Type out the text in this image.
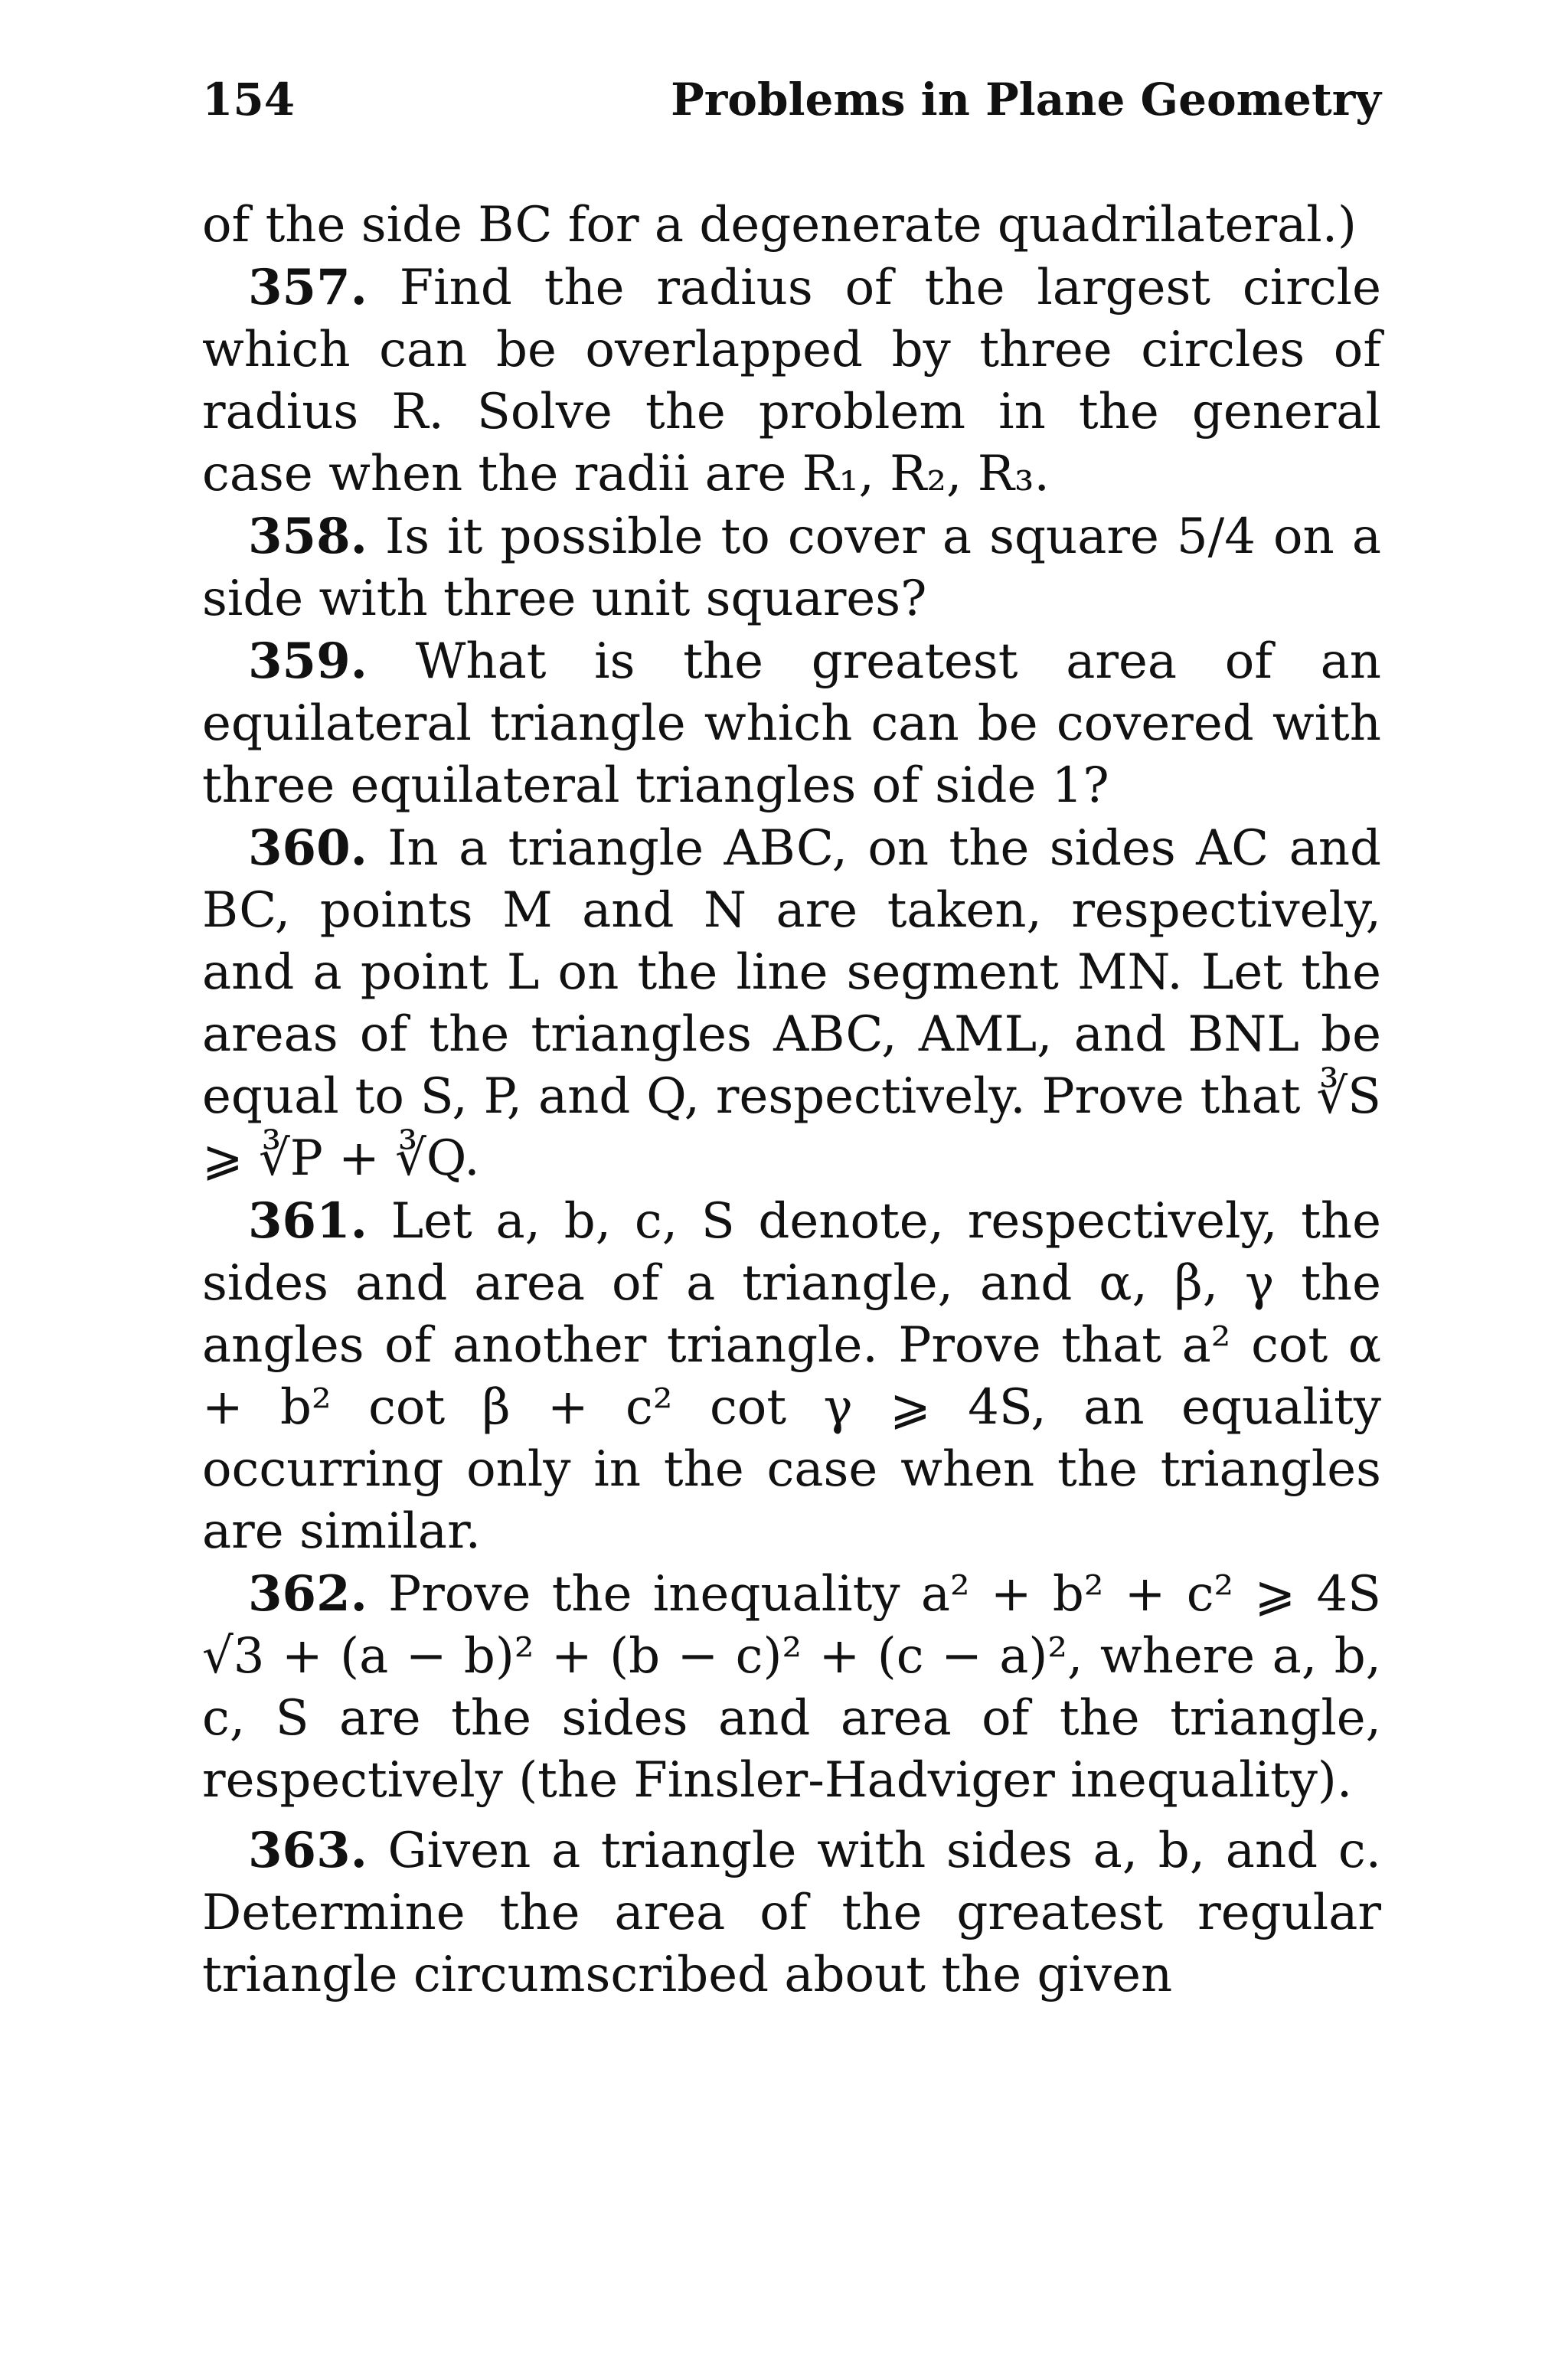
154	Problems in Plane Geometry

of the side BC for a degenerate quadrilateral.)

357. Find the radius of the largest circle which can be overlapped by three circles of radius R. Solve the problem in the general case when the radii are R₁, R₂, R₃.

358. Is it possible to cover a square 5/4 on a side with three unit squares?

359. What is the greatest area of an equilateral triangle which can be covered with three equilateral triangles of side 1?

360. In a triangle ABC, on the sides AC and BC, points M and N are taken, respectively, and a point L on the line segment MN. Let the areas of the triangles ABC, AML, and BNL be equal to S, P, and Q, respectively. Prove that ∛S ⩾ ∛P + ∛Q.

361. Let a, b, c, S denote, respectively, the sides and area of a triangle, and α, β, γ the angles of another triangle. Prove that a² cot α + b² cot β + c² cot γ ⩾ 4S, an equality occurring only in the case when the triangles are similar.

362. Prove the inequality a² + b² + c² ⩾ 4S √3 + (a − b)² + (b − c)² + (c − a)², where a, b, c, S are the sides and area of the triangle, respectively (the Finsler-Hadviger inequality).

363. Given a triangle with sides a, b, and c. Determine the area of the greatest regular triangle circumscribed about the given
